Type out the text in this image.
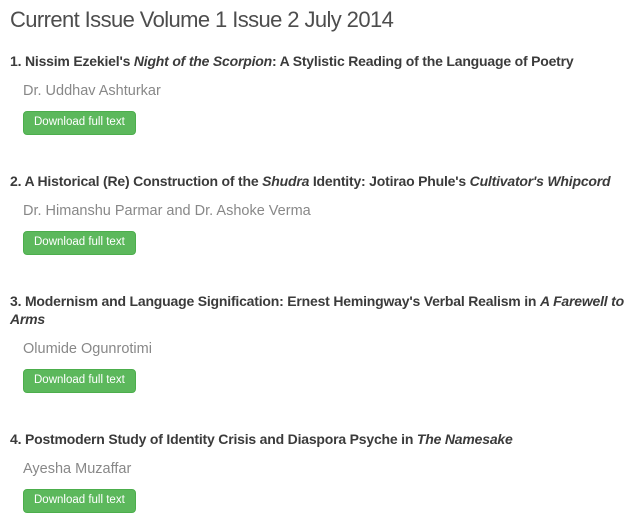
Current Issue Volume 1 Issue 2 July 2014
1. Nissim Ezekiel's Night of the Scorpion: A Stylistic Reading of the Language of Poetry

Dr. Uddhav Ashturkar

Download full text
2. A Historical (Re) Construction of the Shudra Identity: Jotirao Phule's Cultivator's Whipcord

Dr. Himanshu Parmar and Dr. Ashoke Verma

Download full text
3. Modernism and Language Signification: Ernest Hemingway's Verbal Realism in A Farewell to Arms

Olumide Ogunrotimi

Download full text
4. Postmodern Study of Identity Crisis and Diaspora Psyche in The Namesake

Ayesha Muzaffar

Download full text
